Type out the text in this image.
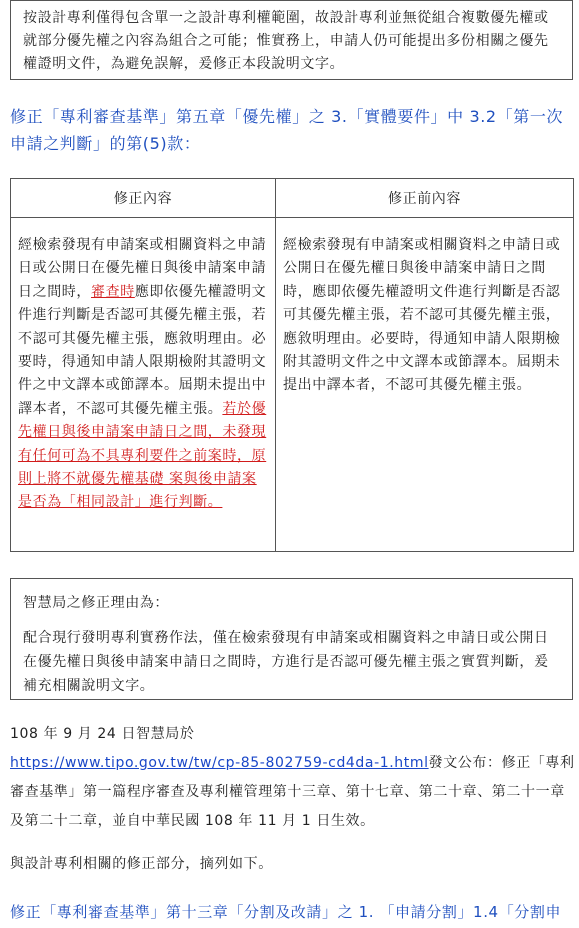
按設計專利僅得包含單一之設計專利權範圍，故設計專利並無從組合複數優先權或就部分優先權之內容為組合之可能；惟實務上，申請人仍可能提出多份相關之優先權證明文件，為避免誤解，爰修正本段說明文字。
修正「專利審查基準」第五章「優先權」之 3.「實體要件」中 3.2「第一次申請之判斷」的第(5)款：
修正內容	修正前內容
經檢索發現有申請案或相關資料之申請日或公開日在優先權日與後申請案申請日之間時，審查時應即依優先權證明文件進行判斷是否認可其優先權主張，若不認可其優先權主張，應敘明理由。必要時，得通知申請人限期檢附其證明文件之中文譯本或節譯本。屆期未提出中譯本者，不認可其優先權主張。若於優先權日與後申請案申請日之間，未發現有任何可為不具專利要件之前案時，原則上將不就優先權基礎 案與後申請案是否為「相同設計」進行判斷。	經檢索發現有申請案或相關資料之申請日或公開日在優先權日與後申請案申請日之間時，應即依優先權證明文件進行判斷是否認可其優先權主張，若不認可其優先權主張，應敘明理由。必要時，得通知申請人限期檢附其證明文件之中文譯本或節譯本。屆期未提出中譯本者，不認可其優先權主張。
智慧局之修正理由為：
配合現行發明專利實務作法，僅在檢索發現有申請案或相關資料之申請日或公開日在優先權日與後申請案申請日之間時，方進行是否認可優先權主張之實質判斷，爰補充相關說明文字。
108 年 9 月 24 日智慧局於
https://www.tipo.gov.tw/tw/cp-85-802759-cd4da-1.html發文公布：修正「專利審查基準」第一篇程序審查及專利權管理第十三章、第十七章、第二十章、第二十一章及第二十二章，並自中華民國 108 年 11 月 1 日生效。
與設計專利相關的修正部分，摘列如下。
修正「專利審查基準」第十三章「分割及改請」之 1. 「申請分割」1.4「分割申
